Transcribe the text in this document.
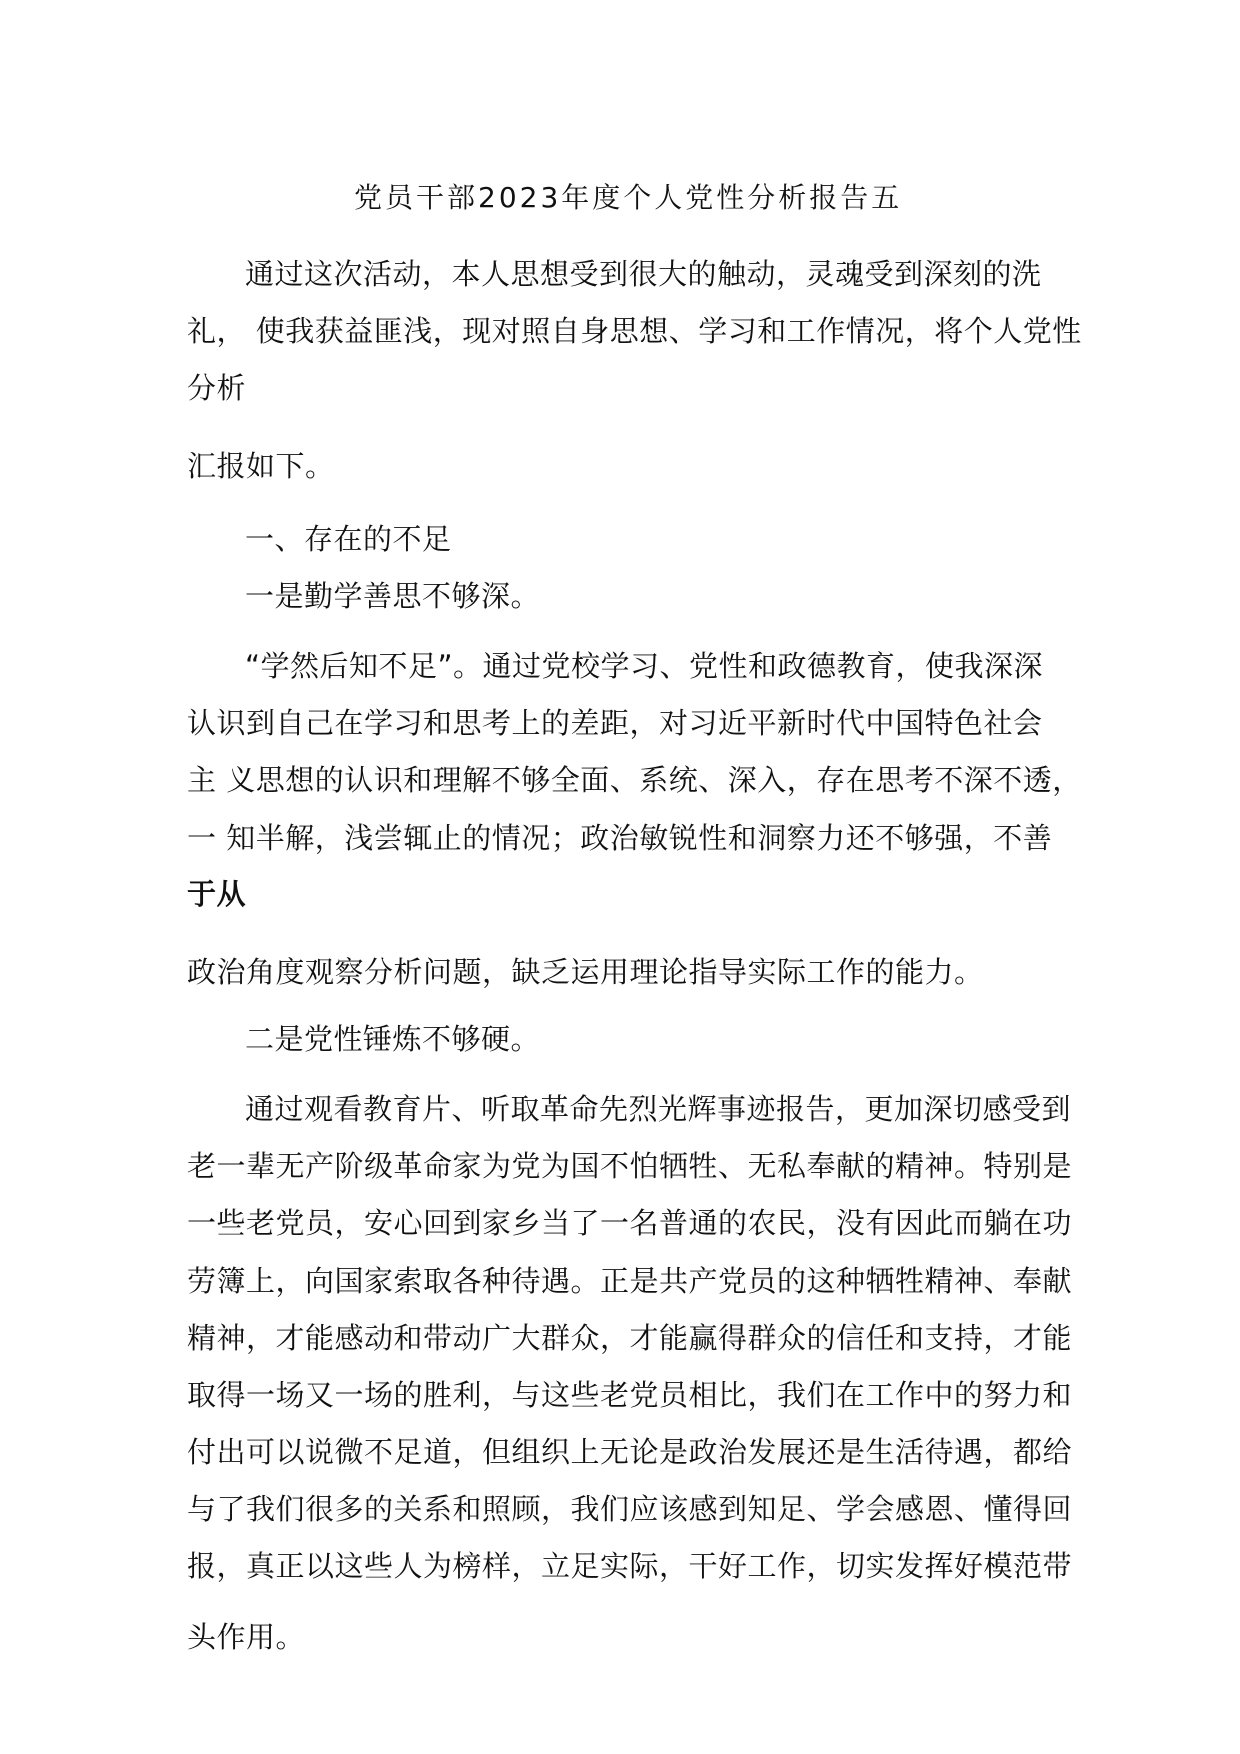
党员干部2023年度个人党性分析报告五
通过这次活动，本人思想受到很大的触动，灵魂受到深刻的洗
礼， 使我获益匪浅，现对照自身思想、学习和工作情况，将个人党性
分析
汇报如下。
一、存在的不足
一是勤学善思不够深。
“学然后知不足”。通过党校学习、党性和政德教育，使我深深
认识到自己在学习和思考上的差距，对习近平新时代中国特色社会
主 义思想的认识和理解不够全面、系统、深入，存在思考不深不透，
一 知半解，浅尝辄止的情况；政治敏锐性和洞察力还不够强，不善
于从
政治角度观察分析问题，缺乏运用理论指导实际工作的能力。
二是党性锤炼不够硬。
通过观看教育片、听取革命先烈光辉事迹报告，更加深切感受到
老一辈无产阶级革命家为党为国不怕牺牲、无私奉献的精神。特别是
一些老党员，安心回到家乡当了一名普通的农民，没有因此而躺在功
劳簿上，向国家索取各种待遇。正是共产党员的这种牺牲精神、奉献
精神，才能感动和带动广大群众，才能赢得群众的信任和支持，才能
取得一场又一场的胜利，与这些老党员相比，我们在工作中的努力和
付出可以说微不足道，但组织上无论是政治发展还是生活待遇，都给
与了我们很多的关系和照顾，我们应该感到知足、学会感恩、懂得回
报，真正以这些人为榜样，立足实际，干好工作，切实发挥好模范带
头作用。
